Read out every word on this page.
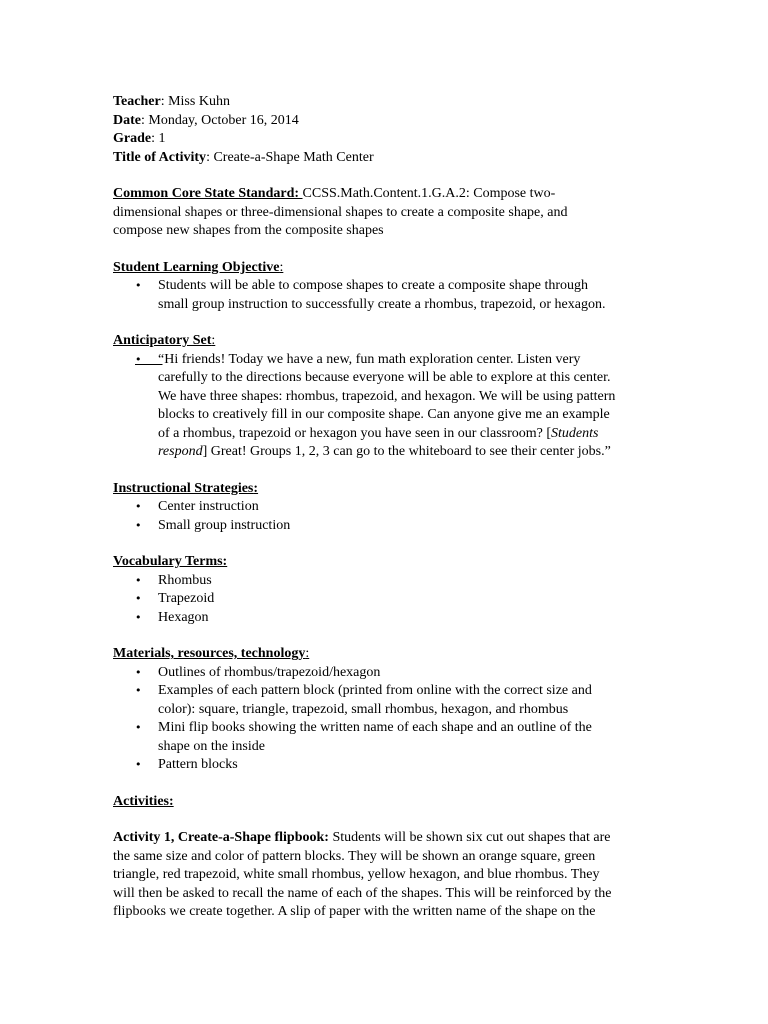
Teacher: Miss Kuhn

Date: Monday, October 16, 2014

Grade: 1

Title of Activity: Create-a-Shape Math Center

Common Core State Standard: CCSS.Math.Content.1.G.A.2: Compose two-

dimensional shapes or three-dimensional shapes to create a composite shape, and

compose new shapes from the composite shapes

Student Learning Objective:

• Students will be able to compose shapes to create a composite shape through
small group instruction to successfully create a rhombus, trapezoid, or hexagon.

Anticipatory Set:

•	“Hi friends! Today we have a new, fun math exploration center. Listen very
carefully to the directions because everyone will be able to explore at this center.
We have three shapes: rhombus, trapezoid, and hexagon. We will be using pattern
blocks to creatively fill in our composite shape. Can anyone give me an example
of a rhombus, trapezoid or hexagon you have seen in our classroom? [Students
respond] Great! Groups 1, 2, 3 can go to the whiteboard to see their center jobs.”

Instructional Strategies:

• Center instruction
• Small group instruction

Vocabulary Terms:

• Rhombus
• Trapezoid
• Hexagon

Materials, resources, technology:

• Outlines of rhombus/trapezoid/hexagon
• Examples of each pattern block (printed from online with the correct size and
color): square, triangle, trapezoid, small rhombus, hexagon, and rhombus
• Mini flip books showing the written name of each shape and an outline of the
shape on the inside
• Pattern blocks

Activities:

Activity 1, Create-a-Shape flipbook: Students will be shown six cut out shapes that are
the same size and color of pattern blocks. They will be shown an orange square, green
triangle, red trapezoid, white small rhombus, yellow hexagon, and blue rhombus. They
will then be asked to recall the name of each of the shapes. This will be reinforced by the
flipbooks we create together. A slip of paper with the written name of the shape on the
